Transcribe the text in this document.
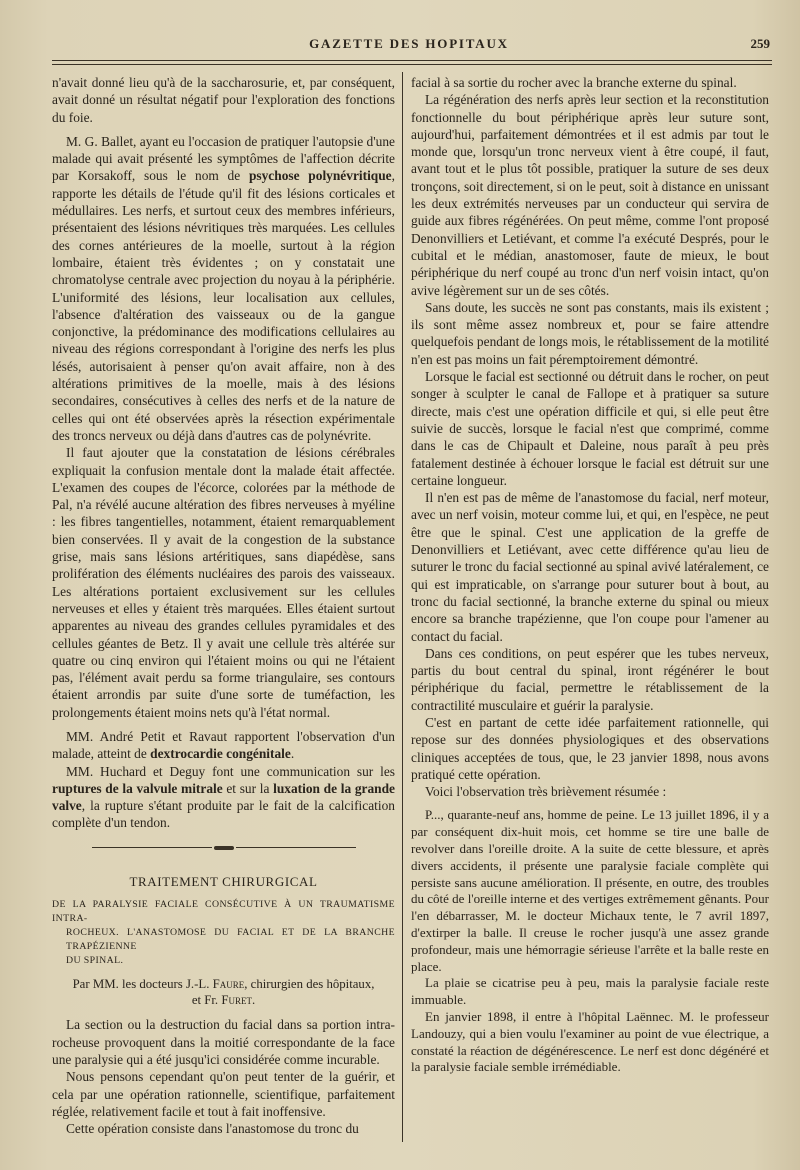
GAZETTE DES HOPITAUX	259

n'avait donné lieu qu'à de la saccharosurie, et, par conséquent, avait donné un résultat négatif pour l'exploration des fonctions du foie.

M. G. Ballet, ayant eu l'occasion de pratiquer l'autopsie d'une malade qui avait présenté les symptômes de l'affection décrite par Korsakoff, sous le nom de psychose polynévritique, rapporte les détails de l'étude qu'il fit des lésions corticales et médullaires. Les nerfs, et surtout ceux des membres inférieurs, présentaient des lésions névritiques très marquées. Les cellules des cornes antérieures de la moelle, surtout à la région lombaire, étaient très évidentes ; on y constatait une chromatolyse centrale avec projection du noyau à la périphérie. L'uniformité des lésions, leur localisation aux cellules, l'absence d'altération des vaisseaux ou de la gangue conjonctive, la prédominance des modifications cellulaires au niveau des régions correspondant à l'origine des nerfs les plus lésés, autorisaient à penser qu'on avait affaire, non à des altérations primitives de la moelle, mais à des lésions secondaires, consécutives à celles des nerfs et de la nature de celles qui ont été observées après la résection expérimentale des troncs nerveux ou déjà dans d'autres cas de polynévrite.

Il faut ajouter que la constatation de lésions cérébrales expliquait la confusion mentale dont la malade était affectée. L'examen des coupes de l'écorce, colorées par la méthode de Pal, n'a révélé aucune altération des fibres nerveuses à myéline : les fibres tangentielles, notamment, étaient remarquablement bien conservées. Il y avait de la congestion de la substance grise, mais sans lésions artéritiques, sans diapédèse, sans prolifération des éléments nucléaires des parois des vaisseaux. Les altérations portaient exclusivement sur les cellules nerveuses et elles y étaient très marquées. Elles étaient surtout apparentes au niveau des grandes cellules pyramidales et des cellules géantes de Betz. Il y avait une cellule très altérée sur quatre ou cinq environ qui l'étaient moins ou qui ne l'étaient pas, l'élément avait perdu sa forme triangulaire, ses contours étaient arrondis par suite d'une sorte de tuméfaction, les prolongements étaient moins nets qu'à l'état normal.

MM. André Petit et Ravaut rapportent l'observation d'un malade, atteint de dextrocardie congénitale.

MM. Huchard et Deguy font une communication sur les ruptures de la valvule mitrale et sur la luxation de la grande valve, la rupture s'étant produite par le fait de la calcification complète d'un tendon.

TRAITEMENT CHIRURGICAL
DE LA PARALYSIE FACIALE CONSÉCUTIVE À UN TRAUMATISME INTRA-
ROCHEUX. L'ANASTOMOSE DU FACIAL ET DE LA BRANCHE TRAPÉZIENNE
DU SPINAL.
Par MM. les docteurs J.-L. Faure, chirurgien des hôpitaux,
et Fr. Furet.

La section ou la destruction du facial dans sa portion intra-rocheuse provoquent dans la moitié correspondante de la face une paralysie qui a été jusqu'ici considérée comme incurable.

Nous pensons cependant qu'on peut tenter de la guérir, et cela par une opération rationnelle, scientifique, parfaitement réglée, relativement facile et tout à fait inoffensive.

Cette opération consiste dans l'anastomose du tronc du

facial à sa sortie du rocher avec la branche externe du spinal.

La régénération des nerfs après leur section et la reconstitution fonctionnelle du bout périphérique après leur suture sont, aujourd'hui, parfaitement démontrées et il est admis par tout le monde que, lorsqu'un tronc nerveux vient à être coupé, il faut, avant tout et le plus tôt possible, pratiquer la suture de ses deux tronçons, soit directement, si on le peut, soit à distance en unissant les deux extrémités nerveuses par un conducteur qui servira de guide aux fibres régénérées. On peut même, comme l'ont proposé Denonvilliers et Letiévant, et comme l'a exécuté Després, pour le cubital et le médian, anastomoser, faute de mieux, le bout périphérique du nerf coupé au tronc d'un nerf voisin intact, qu'on avive légèrement sur un de ses côtés.

Sans doute, les succès ne sont pas constants, mais ils existent ; ils sont même assez nombreux et, pour se faire attendre quelquefois pendant de longs mois, le rétablissement de la motilité n'en est pas moins un fait péremptoirement démontré.

Lorsque le facial est sectionné ou détruit dans le rocher, on peut songer à sculpter le canal de Fallope et à pratiquer sa suture directe, mais c'est une opération difficile et qui, si elle peut être suivie de succès, lorsque le facial n'est que comprimé, comme dans le cas de Chipault et Daleine, nous paraît à peu près fatalement destinée à échouer lorsque le facial est détruit sur une certaine longueur.

Il n'en est pas de même de l'anastomose du facial, nerf moteur, avec un nerf voisin, moteur comme lui, et qui, en l'espèce, ne peut être que le spinal. C'est une application de la greffe de Denonvilliers et Letiévant, avec cette différence qu'au lieu de suturer le tronc du facial sectionné au spinal avivé latéralement, ce qui est impraticable, on s'arrange pour suturer bout à bout, au tronc du facial sectionné, la branche externe du spinal ou mieux encore sa branche trapézienne, que l'on coupe pour l'amener au contact du facial.

Dans ces conditions, on peut espérer que les tubes nerveux, partis du bout central du spinal, iront régénérer le bout périphérique du facial, permettre le rétablissement de la contractilité musculaire et guérir la paralysie.

C'est en partant de cette idée parfaitement rationnelle, qui repose sur des données physiologiques et des observations cliniques acceptées de tous, que, le 23 janvier 1898, nous avons pratiqué cette opération.

Voici l'observation très brièvement résumée :

P..., quarante-neuf ans, homme de peine. Le 13 juillet 1896, il y a par conséquent dix-huit mois, cet homme se tire une balle de revolver dans l'oreille droite. A la suite de cette blessure, et après divers accidents, il présente une paralysie faciale complète qui persiste sans aucune amélioration. Il présente, en outre, des troubles du côté de l'oreille interne et des vertiges extrêmement gênants. Pour l'en débarrasser, M. le docteur Michaux tente, le 7 avril 1897, d'extirper la balle. Il creuse le rocher jusqu'à une assez grande profondeur, mais une hémorragie sérieuse l'arrête et la balle reste en place.

La plaie se cicatrise peu à peu, mais la paralysie faciale reste immuable.

En janvier 1898, il entre à l'hôpital Laënnec. M. le professeur Landouzy, qui a bien voulu l'examiner au point de vue électrique, a constaté la réaction de dégénérescence. Le nerf est donc dégénéré et la paralysie faciale semble irrémédiable.
